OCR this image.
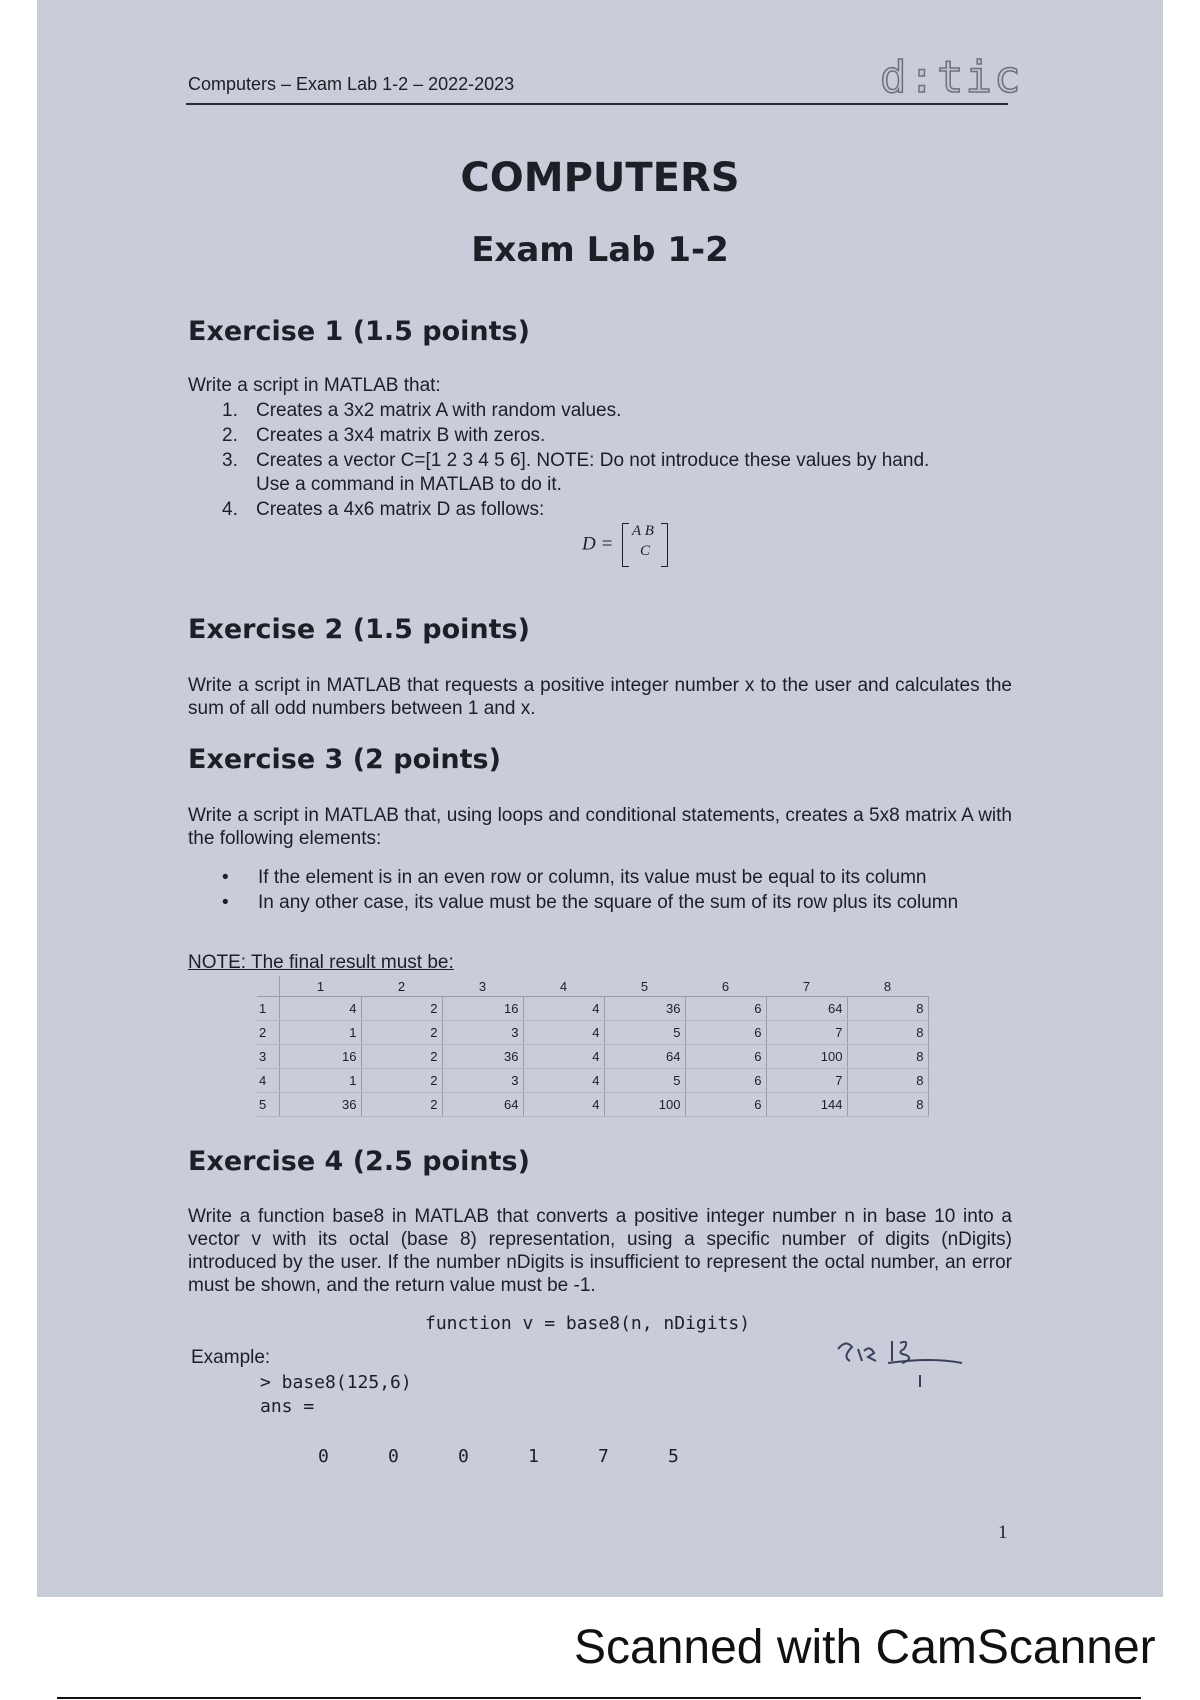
Computers – Exam Lab 1-2 – 2022-2023	d:tic
COMPUTERS
Exam Lab 1-2
Exercise 1 (1.5 points)
Write a script in MATLAB that:
1. Creates a 3x2 matrix A with random values.
2. Creates a 3x4 matrix B with zeros.
3. Creates a vector C=[1 2 3 4 5 6]. NOTE: Do not introduce these values by hand.
Use a command in MATLAB to do it.
4. Creates a 4x6 matrix D as follows:
D =
A B
C
Exercise 2 (1.5 points)
Write a script in MATLAB that requests a positive integer number x to the user and calculates the sum of all odd numbers between 1 and x.
Exercise 3 (2 points)
Write a script in MATLAB that, using loops and conditional statements, creates a 5x8 matrix A with the following elements:
• If the element is in an even row or column, its value must be equal to its column
• In any other case, its value must be the square of the sum of its row plus its column
NOTE: The final result must be:
	1	2	3	4	5	6	7	8
1	4	2	16	4	36	6	64	8
2	1	2	3	4	5	6	7	8
3	16	2	36	4	64	6	100	8
4	1	2	3	4	5	6	7	8
5	36	2	64	4	100	6	144	8
Exercise 4 (2.5 points)
Write a function base8 in MATLAB that converts a positive integer number n in base 10 into a vector v with its octal (base 8) representation, using a specific number of digits (nDigits) introduced by the user. If the number nDigits is insufficient to represent the octal number, an error must be shown, and the return value must be -1.
function v = base8(n, nDigits)
Example:
> base8(125,6)
ans =
0	0	0	1	7	5
1
Scanned with CamScanner
